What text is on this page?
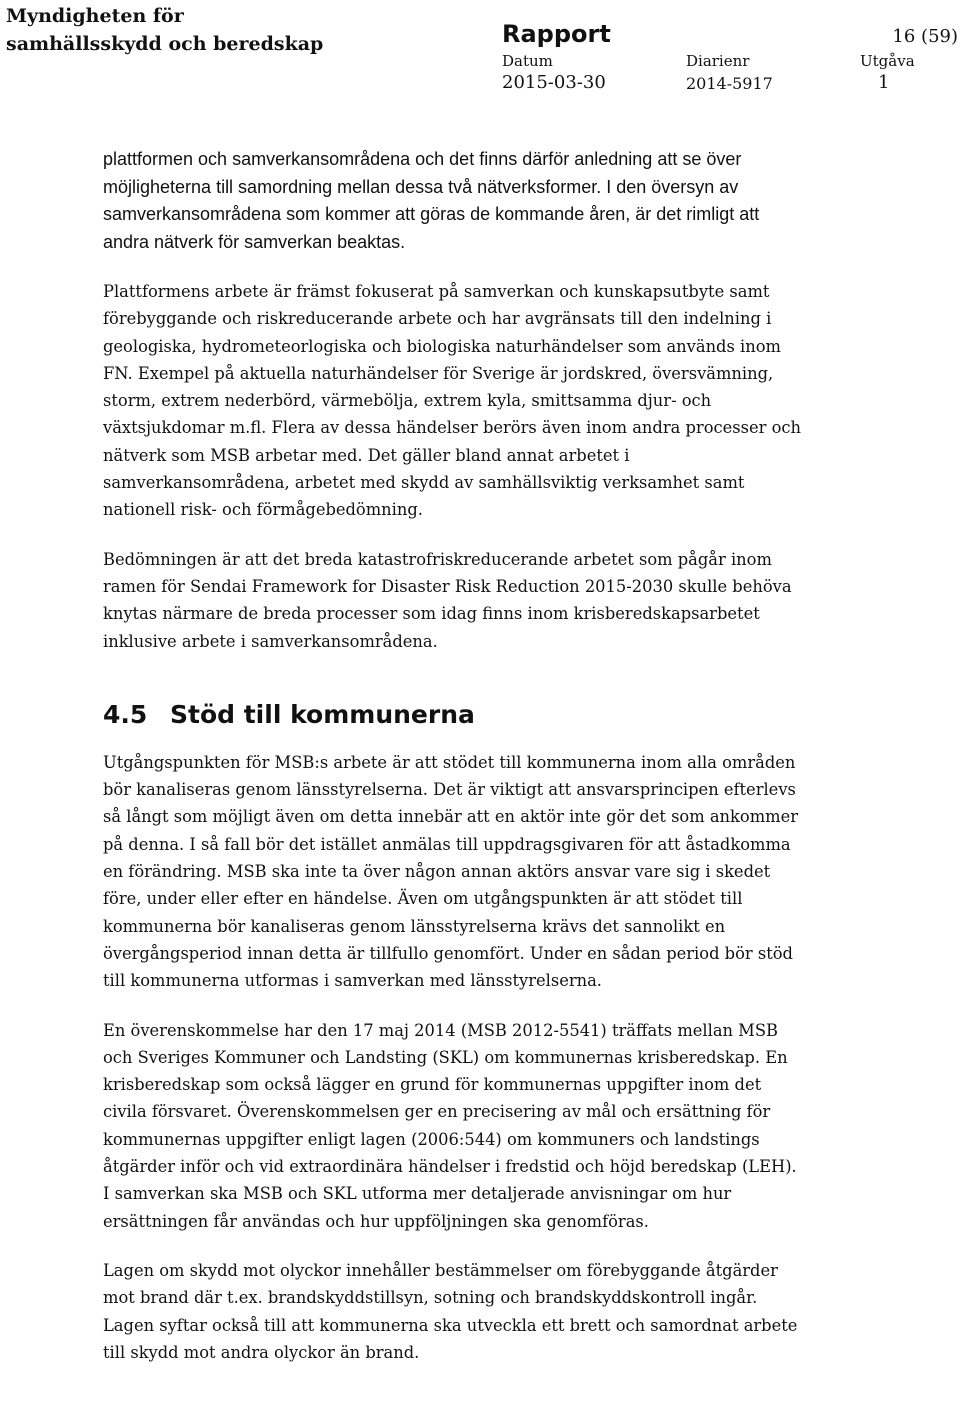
Myndigheten för
samhällsskydd och beredskap	Rapport	16 (59)
Datum
2015-03-30
Diarienr
2014-5917
Utgåva
1

plattformen och samverkansområdena och det finns därför anledning att se över möjligheterna till samordning mellan dessa två nätverksformer. I den översyn av samverkansområdena som kommer att göras de kommande åren, är det rimligt att andra nätverk för samverkan beaktas.

Plattformens arbete är främst fokuserat på samverkan och kunskapsutbyte samt förebyggande och riskreducerande arbete och har avgränsats till den indelning i geologiska, hydrometeorlogiska och biologiska naturhändelser som används inom FN. Exempel på aktuella naturhändelser för Sverige är jordskred, översvämning, storm, extrem nederbörd, värmebölja, extrem kyla, smittsamma djur- och växtsjukdomar m.fl. Flera av dessa händelser berörs även inom andra processer och nätverk som MSB arbetar med. Det gäller bland annat arbetet i samverkansområdena, arbetet med skydd av samhällsviktig verksamhet samt nationell risk- och förmågebedömning.

Bedömningen är att det breda katastrofriskreducerande arbetet som pågår inom ramen för Sendai Framework for Disaster Risk Reduction 2015-2030 skulle behöva knytas närmare de breda processer som idag finns inom krisberedskapsarbetet inklusive arbete i samverkansområdena.

4.5 Stöd till kommunerna

Utgångspunkten för MSB:s arbete är att stödet till kommunerna inom alla områden bör kanaliseras genom länsstyrelserna. Det är viktigt att ansvarsprincipen efterlevs så långt som möjligt även om detta innebär att en aktör inte gör det som ankommer på denna. I så fall bör det istället anmälas till uppdragsgivaren för att åstadkomma en förändring. MSB ska inte ta över någon annan aktörs ansvar vare sig i skedet före, under eller efter en händelse. Även om utgångspunkten är att stödet till kommunerna bör kanaliseras genom länsstyrelserna krävs det sannolikt en övergångsperiod innan detta är tillfullo genomfört. Under en sådan period bör stöd till kommunerna utformas i samverkan med länsstyrelserna.

En överenskommelse har den 17 maj 2014 (MSB 2012-5541) träffats mellan MSB och Sveriges Kommuner och Landsting (SKL) om kommunernas krisberedskap. En krisberedskap som också lägger en grund för kommunernas uppgifter inom det civila försvaret. Överenskommelsen ger en precisering av mål och ersättning för kommunernas uppgifter enligt lagen (2006:544) om kommuners och landstings åtgärder inför och vid extraordinära händelser i fredstid och höjd beredskap (LEH). I samverkan ska MSB och SKL utforma mer detaljerade anvisningar om hur ersättningen får användas och hur uppföljningen ska genomföras.

Lagen om skydd mot olyckor innehåller bestämmelser om förebyggande åtgärder mot brand där t.ex. brandskyddstillsyn, sotning och brandskyddskontroll ingår. Lagen syftar också till att kommunerna ska utveckla ett brett och samordnat arbete till skydd mot andra olyckor än brand.
